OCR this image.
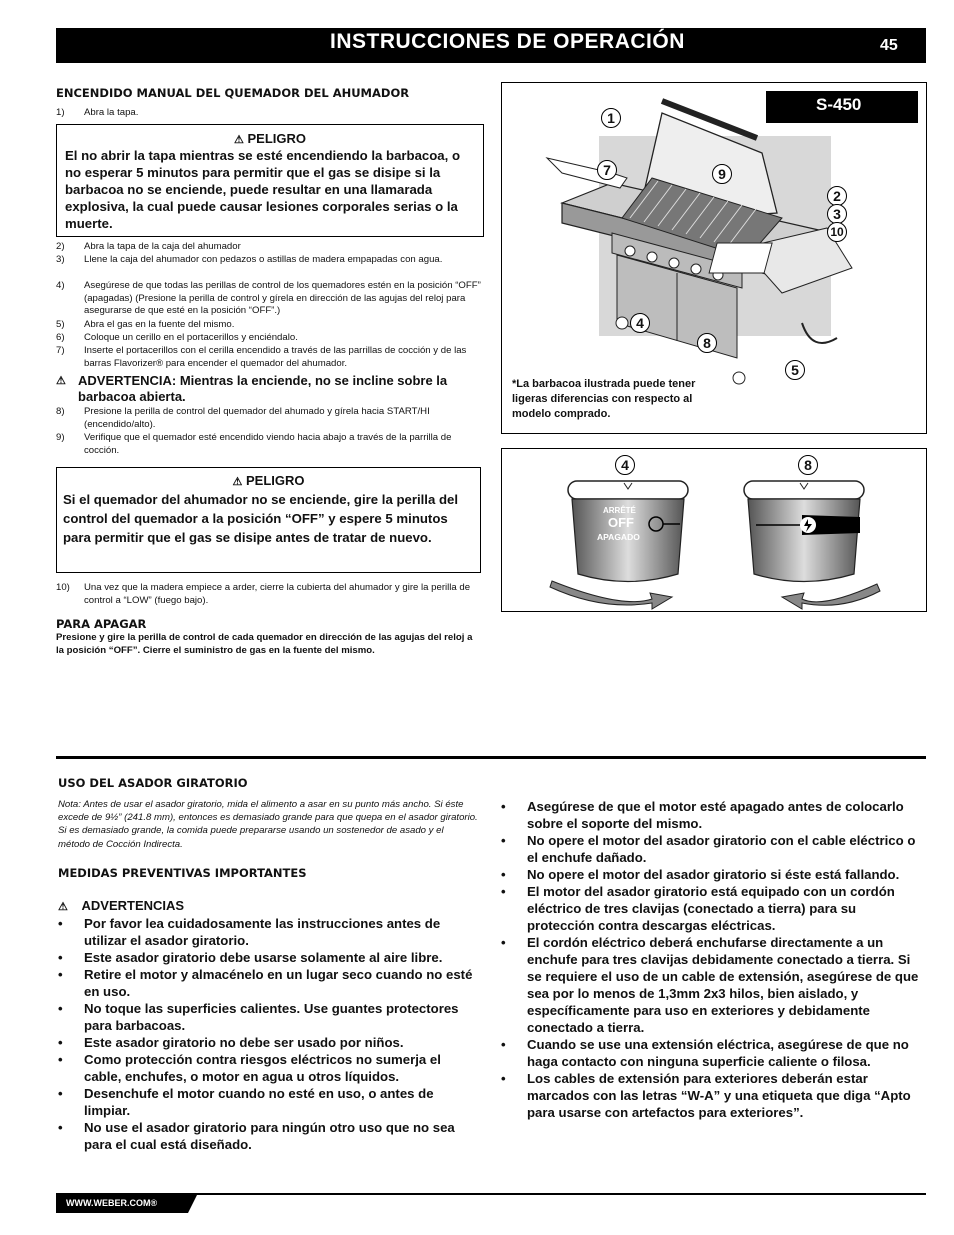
INSTRUCCIONES DE OPERACIÓN	45
ENCENDIDO MANUAL DEL QUEMADOR DEL AHUMADOR
1) Abra la tapa.
⚠ PELIGRO
El no abrir la tapa mientras se esté encendiendo la barbacoa, o no esperar 5 minutos para permitir que el gas se disipe si la barbacoa no se enciende, puede resultar en una llamarada explosiva, la cual puede causar lesiones corporales serias o la muerte.
2) Abra la tapa de la caja del ahumador
3) Llene la caja del ahumador con pedazos o astillas de madera empapadas con agua.
4) Asegúrese de que todas las perillas de control de los quemadores estén en la posición “OFF” (apagadas) (Presione la perilla de control y gírela en dirección de las agujas del reloj para asegurarse de que esté en la posición “OFF”.)
5) Abra el gas en la fuente del mismo.
6) Coloque un cerillo en el portacerillos y enciéndalo.
7) Inserte el portacerillos con el cerilla encendido a través de las parrillas de cocción y de las barras Flavorizer® para encender el quemador del ahumador.
⚠ ADVERTENCIA: Mientras la enciende, no se incline sobre la barbacoa abierta.
8) Presione la perilla de control del quemador del ahumado y gírela hacia START/HI (encendido/alto).
9) Verifique que el quemador esté encendido viendo hacia abajo a través de la parrilla de cocción.
⚠ PELIGRO
Si el quemador del ahumador no se enciende, gire la perilla del control del quemador a la posición “OFF” y espere 5 minutos para permitir que el gas se disipe antes de tratar de nuevo.
10) Una vez que la madera empiece a arder, cierre la cubierta del ahumador y gire la perilla de control a “LOW” (fuego bajo).
PARA APAGAR
Presione y gire la perilla de control de cada quemador en dirección de las agujas del reloj a la posición “OFF”. Cierre el suministro de gas en la fuente del mismo.
S-450
1
7	9
2
3
10
4
8
5
*La barbacoa ilustrada puede tener ligeras diferencias con respecto al modelo comprado.
4	8
ARRÊTÉ
OFF
APAGADO
USO DEL ASADOR GIRATORIO
Nota: Antes de usar el asador giratorio, mida el alimento a asar en su punto más ancho. Si éste excede de 9½” (241.8 mm), entonces es demasiado grande para que quepa en el asador giratorio. Si es demasiado grande, la comida puede prepararse usando un sostenedor de asado y el método de Cocción Indirecta.
MEDIDAS PREVENTIVAS IMPORTANTES
⚠ ADVERTENCIAS
• Por favor lea cuidadosamente las instrucciones antes de utilizar el asador giratorio.
• Este asador giratorio debe usarse solamente al aire libre.
• Retire el motor y almacénelo en un lugar seco cuando no esté en uso.
• No toque las superficies calientes. Use guantes protectores para barbacoas.
• Este asador giratorio no debe ser usado por niños.
• Como protección contra riesgos eléctricos no sumerja el cable, enchufes, o motor en agua u otros líquidos.
• Desenchufe el motor cuando no esté en uso, o antes de limpiar.
• No use el asador giratorio para ningún otro uso que no sea para el cual está diseñado.
• Asegúrese de que el motor esté apagado antes de colocarlo sobre el soporte del mismo.
• No opere el motor del asador giratorio con el cable eléctrico o el enchufe dañado.
• No opere el motor del asador giratorio si éste está fallando.
• El motor del asador giratorio está equipado con un cordón eléctrico de tres clavijas (conectado a tierra) para su protección contra descargas eléctricas.
• El cordón eléctrico deberá enchufarse directamente a un enchufe para tres clavijas debidamente conectado a tierra. Si se requiere el uso de un cable de extensión, asegúrese de que sea por lo menos de 1,3mm 2x3 hilos, bien aislado, y específicamente para uso en exteriores y debidamente conectado a tierra.
• Cuando se use una extensión eléctrica, asegúrese de que no haga contacto con ninguna superficie caliente o filosa.
• Los cables de extensión para exteriores deberán estar marcados con las letras “W-A” y una etiqueta que diga “Apto para usarse con artefactos para exteriores”.
WWW.WEBER.COM®
